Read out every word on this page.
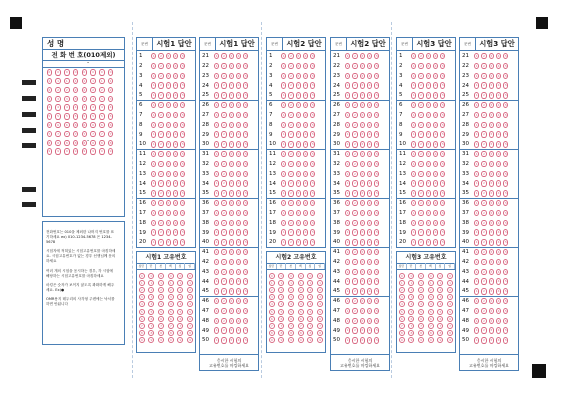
성 명
전 화 번 호(010제외)
-
-
0	0	0	0	0	0	0	0
1	1	1	1	1	1	1	1
2	2	2	2	2	2	2	2
3	3	3	3	3	3	3	3
4	4	4	4	4	4	4	4
5	5	5	5	5	5	5	5
6	6	6	6	6	6	6	6
7	7	7	7	7	7	7	7
8	8	8	8	8	8	8	8
9	9	9	9	9	9	9	9

전화번호는 010을 제외한 나머지 번호를 표기하세요 ex) 010-1234-5678 은 1234-5678

시험지에 적혀있는 시험고유번호를 마킹하세요. 시험고유번호가 없는 경우 선생님께 문의하세요

여러 개의 시험을 응시하는 경우, 각 시험에 해당하는 시험고유번호를 마킹하세요

마킹은 숫자가 보이지 않도록 꽉꽉하게 해주세요. Ex)●

OMR용지 테두리의 사각형 주변에는 낙서를 하면 안됩니다

문번	시험1 답안
1	1	2	3	4	5
2	1	2	3	4	5
3	1	2	3	4	5
4	1	2	3	4	5
5	1	2	3	4	5
6	1	2	3	4	5
7	1	2	3	4	5
8	1	2	3	4	5
9	1	2	3	4	5
10	1	2	3	4	5
11	1	2	3	4	5
12	1	2	3	4	5
13	1	2	3	4	5
14	1	2	3	4	5
15	1	2	3	4	5
16	1	2	3	4	5
17	1	2	3	4	5
18	1	2	3	4	5
19	1	2	3	4	5
20	1	2	3	4	5
시험1 고유번호
십만	만	천	백	십	일
0	0	0	0	0	0
1	1	1	1	1	1
2	2	2	2	2	2
3	3	3	3	3	3
4	4	4	4	4	4
5	5	5	5	5	5
6	6	6	6	6	6
7	7	7	7	7	7
8	8	8	8	8	8
9	9	9	9	9	9
문번	시험1 답안
21	1	2	3	4	5
22	1	2	3	4	5
23	1	2	3	4	5
24	1	2	3	4	5
25	1	2	3	4	5
26	1	2	3	4	5
27	1	2	3	4	5
28	1	2	3	4	5
29	1	2	3	4	5
30	1	2	3	4	5
31	1	2	3	4	5
32	1	2	3	4	5
33	1	2	3	4	5
34	1	2	3	4	5
35	1	2	3	4	5
36	1	2	3	4	5
37	1	2	3	4	5
38	1	2	3	4	5
39	1	2	3	4	5
40	1	2	3	4	5
41	1	2	3	4	5
42	1	2	3	4	5
43	1	2	3	4	5
44	1	2	3	4	5
45	1	2	3	4	5
46	1	2	3	4	5
47	1	2	3	4	5
48	1	2	3	4	5
49	1	2	3	4	5
50	1	2	3	4	5
응시한 시험의
고유번호를 마킹하세요
문번	시험2 답안
1	1	2	3	4	5
2	1	2	3	4	5
3	1	2	3	4	5
4	1	2	3	4	5
5	1	2	3	4	5
6	1	2	3	4	5
7	1	2	3	4	5
8	1	2	3	4	5
9	1	2	3	4	5
10	1	2	3	4	5
11	1	2	3	4	5
12	1	2	3	4	5
13	1	2	3	4	5
14	1	2	3	4	5
15	1	2	3	4	5
16	1	2	3	4	5
17	1	2	3	4	5
18	1	2	3	4	5
19	1	2	3	4	5
20	1	2	3	4	5
시험2 고유번호
십만	만	천	백	십	일
0	0	0	0	0	0
1	1	1	1	1	1
2	2	2	2	2	2
3	3	3	3	3	3
4	4	4	4	4	4
5	5	5	5	5	5
6	6	6	6	6	6
7	7	7	7	7	7
8	8	8	8	8	8
9	9	9	9	9	9
문번	시험2 답안
21	1	2	3	4	5
22	1	2	3	4	5
23	1	2	3	4	5
24	1	2	3	4	5
25	1	2	3	4	5
26	1	2	3	4	5
27	1	2	3	4	5
28	1	2	3	4	5
29	1	2	3	4	5
30	1	2	3	4	5
31	1	2	3	4	5
32	1	2	3	4	5
33	1	2	3	4	5
34	1	2	3	4	5
35	1	2	3	4	5
36	1	2	3	4	5
37	1	2	3	4	5
38	1	2	3	4	5
39	1	2	3	4	5
40	1	2	3	4	5
41	1	2	3	4	5
42	1	2	3	4	5
43	1	2	3	4	5
44	1	2	3	4	5
45	1	2	3	4	5
46	1	2	3	4	5
47	1	2	3	4	5
48	1	2	3	4	5
49	1	2	3	4	5
50	1	2	3	4	5
응시한 시험의
고유번호를 마킹하세요
문번	시험3 답안
1	1	2	3	4	5
2	1	2	3	4	5
3	1	2	3	4	5
4	1	2	3	4	5
5	1	2	3	4	5
6	1	2	3	4	5
7	1	2	3	4	5
8	1	2	3	4	5
9	1	2	3	4	5
10	1	2	3	4	5
11	1	2	3	4	5
12	1	2	3	4	5
13	1	2	3	4	5
14	1	2	3	4	5
15	1	2	3	4	5
16	1	2	3	4	5
17	1	2	3	4	5
18	1	2	3	4	5
19	1	2	3	4	5
20	1	2	3	4	5
시험3 고유번호
십만	만	천	백	십	일
0	0	0	0	0	0
1	1	1	1	1	1
2	2	2	2	2	2
3	3	3	3	3	3
4	4	4	4	4	4
5	5	5	5	5	5
6	6	6	6	6	6
7	7	7	7	7	7
8	8	8	8	8	8
9	9	9	9	9	9
문번	시험3 답안
21	1	2	3	4	5
22	1	2	3	4	5
23	1	2	3	4	5
24	1	2	3	4	5
25	1	2	3	4	5
26	1	2	3	4	5
27	1	2	3	4	5
28	1	2	3	4	5
29	1	2	3	4	5
30	1	2	3	4	5
31	1	2	3	4	5
32	1	2	3	4	5
33	1	2	3	4	5
34	1	2	3	4	5
35	1	2	3	4	5
36	1	2	3	4	5
37	1	2	3	4	5
38	1	2	3	4	5
39	1	2	3	4	5
40	1	2	3	4	5
41	1	2	3	4	5
42	1	2	3	4	5
43	1	2	3	4	5
44	1	2	3	4	5
45	1	2	3	4	5
46	1	2	3	4	5
47	1	2	3	4	5
48	1	2	3	4	5
49	1	2	3	4	5
50	1	2	3	4	5
응시한 시험의
고유번호를 마킹하세요
